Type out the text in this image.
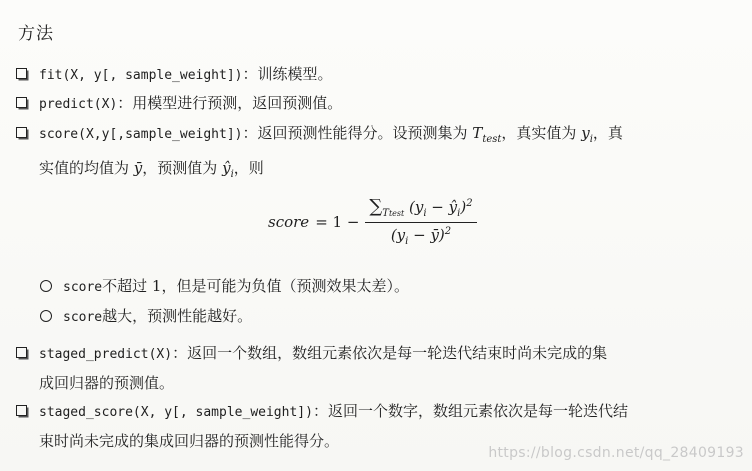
方法
fit(X, y[, sample_weight])：训练模型。
predict(X)：用模型进行预测，返回预测值。
score(X,y[,sample_weight])：返回预测性能得分。设预测集为 $T_{test}$，真实值为 $y_i$，真
实值的均值为 ȳ，预测值为 $ŷ_i$，则
score = $1 - \frac{\sum_{Ttest} (y_i - ŷ_i)^2}{(y_i - ȳ)^2}$
score不超过 1，但是可能为负值（预测效果太差）。
score越大，预测性能越好。
staged_predict(X)：返回一个数组，数组元素依次是每一轮迭代结束时尚未完成的集
成回归器的预测值。
staged_score(X, y[, sample_weight])：返回一个数字，数组元素依次是每一轮迭代结
束时尚未完成的集成回归器的预测性能得分。
https://blog.csdn.net/qq_28409193
